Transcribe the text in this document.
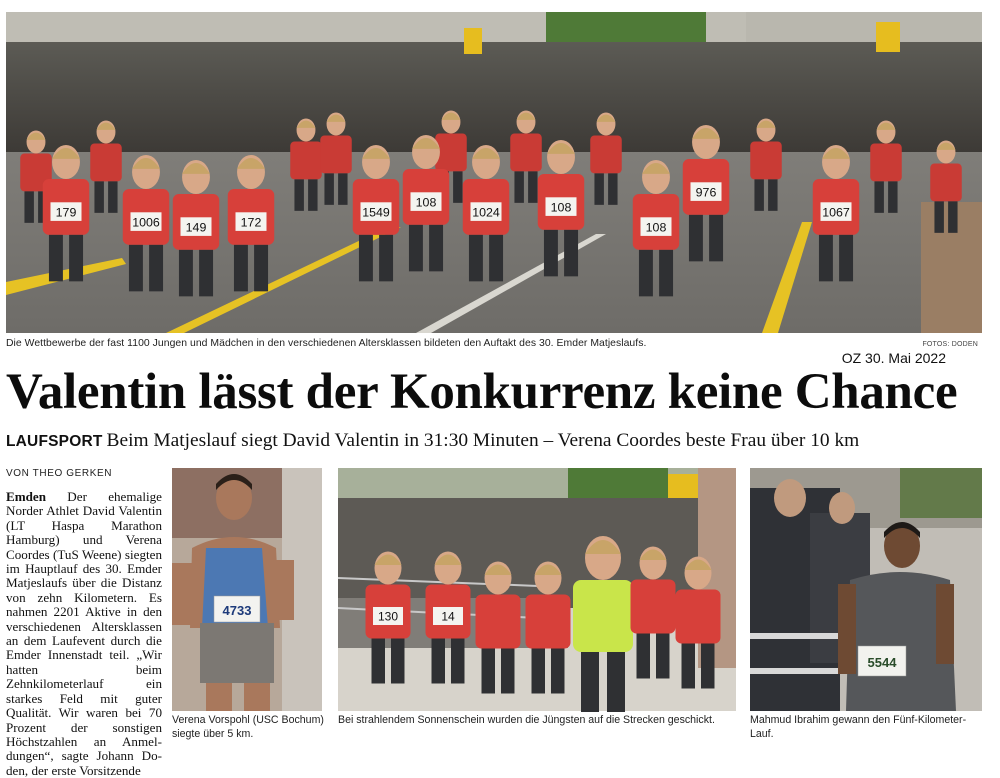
1549
172
108
149
1024	108
108
976
1067
1006
179
Die Wettbewerbe der fast 1100 Jungen und Mädchen in den verschiedenen Altersklassen bildeten den Auftakt des 30. Emder Matjeslaufs.	FOTOS: DODEN
OZ 30. Mai 2022
Valentin lässt der Konkurrenz keine Chance
LAUFSPORT Beim Matjeslauf siegt David Valentin in 31:30 Minuten – Verena Coordes beste Frau über 10 km
VON THEO GERKEN
Emden Der ehemalige Norder Athlet David Valentin (LT Haspa Marathon Hamburg) und Verena Coordes (TuS Weene) siegten im Hauptlauf des 30. Emder Matjeslaufs über die Distanz von zehn Kilometern. Es nahmen 2201 Aktive in den verschiedenen Altersklassen an dem Laufevent durch die Emder Innenstadt teil. „Wir hatten beim Zehnkilometerlauf ein starkes Feld mit guter Qualität. Wir waren bei 70 Prozent der sonstigen Höchstzahlen an Anmeldungen“, sagte Johann Doden, der erste Vorsitzende
4733	130	14
5544
Verena Vorspohl (USC Bochum) siegte über 5 km.
Bei strahlendem Sonnenschein wurden die Jüngsten auf die Strecken geschickt.	Mahmud Ibrahim gewann den Fünf-Kilometer-Lauf.
